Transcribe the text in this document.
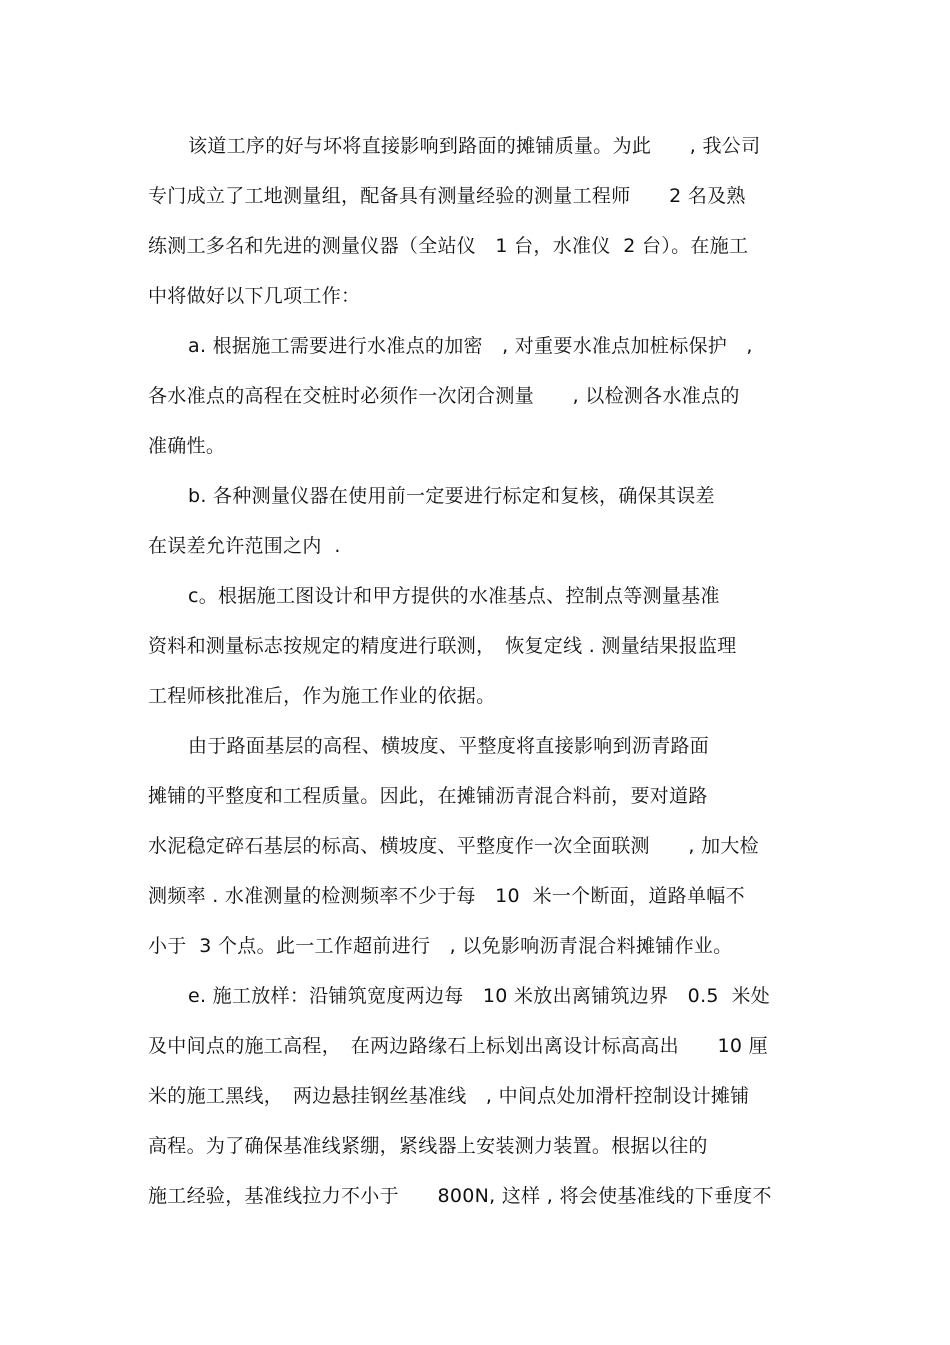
该道工序的好与坏将直接影响到路面的摊铺质量。为此　　, 我公司
专门成立了工地测量组，配备具有测量经验的测量工程师　　2 名及熟
练测工多名和先进的测量仪器（全站仪　1 台，水准仪  2 台）。在施工
中将做好以下几项工作：
a. 根据施工需要进行水准点的加密　, 对重要水准点加桩标保护　,
各水准点的高程在交桩时必须作一次闭合测量　　, 以检测各水准点的
准确性。
b. 各种测量仪器在使用前一定要进行标定和复核，确保其误差
在误差允许范围之内  .
c。根据施工图设计和甲方提供的水准基点、控制点等测量基准
资料和测量标志按规定的精度进行联测，　恢复定线 . 测量结果报监理
工程师核批准后，作为施工作业的依据。
由于路面基层的高程、横坡度、平整度将直接影响到沥青路面
摊铺的平整度和工程质量。因此，在摊铺沥青混合料前，要对道路
水泥稳定碎石基层的标高、横坡度、平整度作一次全面联测　　, 加大检
测频率 . 水准测量的检测频率不少于每　10  米一个断面，道路单幅不
小于  3 个点。此一工作超前进行　, 以免影响沥青混合料摊铺作业。
e. 施工放样：沿铺筑宽度两边每　10 米放出离铺筑边界　0.5  米处
及中间点的施工高程，　在两边路缘石上标划出离设计标高高出　　10 厘
米的施工黑线，　两边悬挂钢丝基准线　, 中间点处加滑杆控制设计摊铺
高程。为了确保基准线紧绷，紧线器上安装测力装置。根据以往的
施工经验，基准线拉力不小于　　800N, 这样 , 将会使基准线的下垂度不
